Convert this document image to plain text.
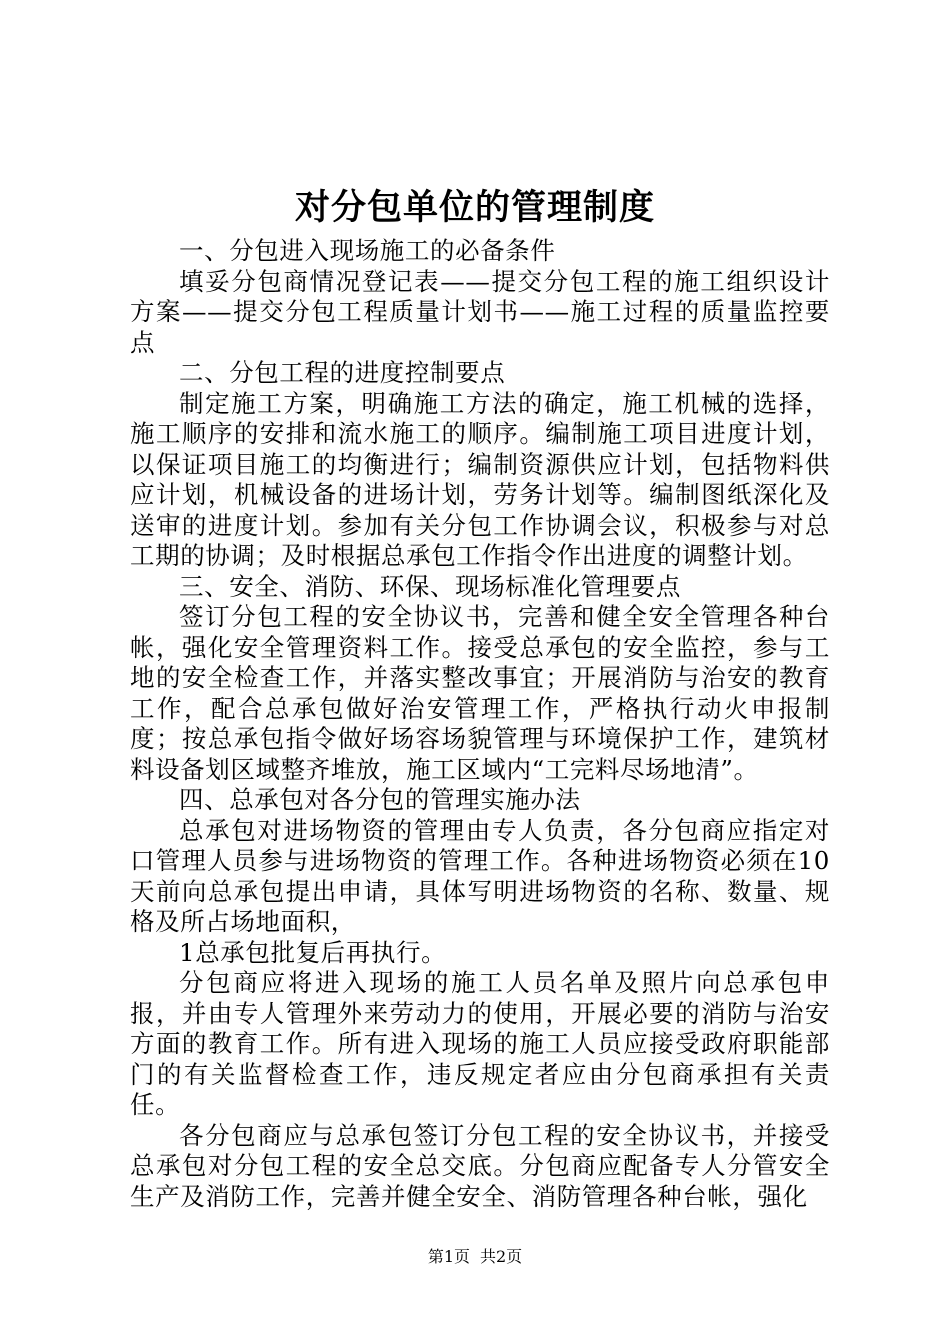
对分包单位的管理制度

一、分包进入现场施工的必备条件

填妥分包商情况登记表——提交分包工程的施工组织设计方案——提交分包工程质量计划书——施工过程的质量监控要点

二、分包工程的进度控制要点

制定施工方案，明确施工方法的确定，施工机械的选择，施工顺序的安排和流水施工的顺序。编制施工项目进度计划，以保证项目施工的均衡进行；编制资源供应计划，包括物料供应计划，机械设备的进场计划，劳务计划等。编制图纸深化及送审的进度计划。参加有关分包工作协调会议，积极参与对总工期的协调；及时根据总承包工作指令作出进度的调整计划。

三、安全、消防、环保、现场标准化管理要点

签订分包工程的安全协议书，完善和健全安全管理各种台帐，强化安全管理资料工作。接受总承包的安全监控，参与工地的安全检查工作，并落实整改事宜；开展消防与治安的教育工作，配合总承包做好治安管理工作，严格执行动火申报制度；按总承包指令做好场容场貌管理与环境保护工作，建筑材料设备划区域整齐堆放，施工区域内“工完料尽场地清”。

四、总承包对各分包的管理实施办法

总承包对进场物资的管理由专人负责，各分包商应指定对口管理人员参与进场物资的管理工作。各种进场物资必须在10天前向总承包提出申请，具体写明进场物资的名称、数量、规格及所占场地面积，

1总承包批复后再执行。

分包商应将进入现场的施工人员名单及照片向总承包申报，并由专人管理外来劳动力的使用，开展必要的消防与治安方面的教育工作。所有进入现场的施工人员应接受政府职能部门的有关监督检查工作，违反规定者应由分包商承担有关责任。

各分包商应与总承包签订分包工程的安全协议书，并接受总承包对分包工程的安全总交底。分包商应配备专人分管安全生产及消防工作，完善并健全安全、消防管理各种台帐，强化

第1页 共2页
